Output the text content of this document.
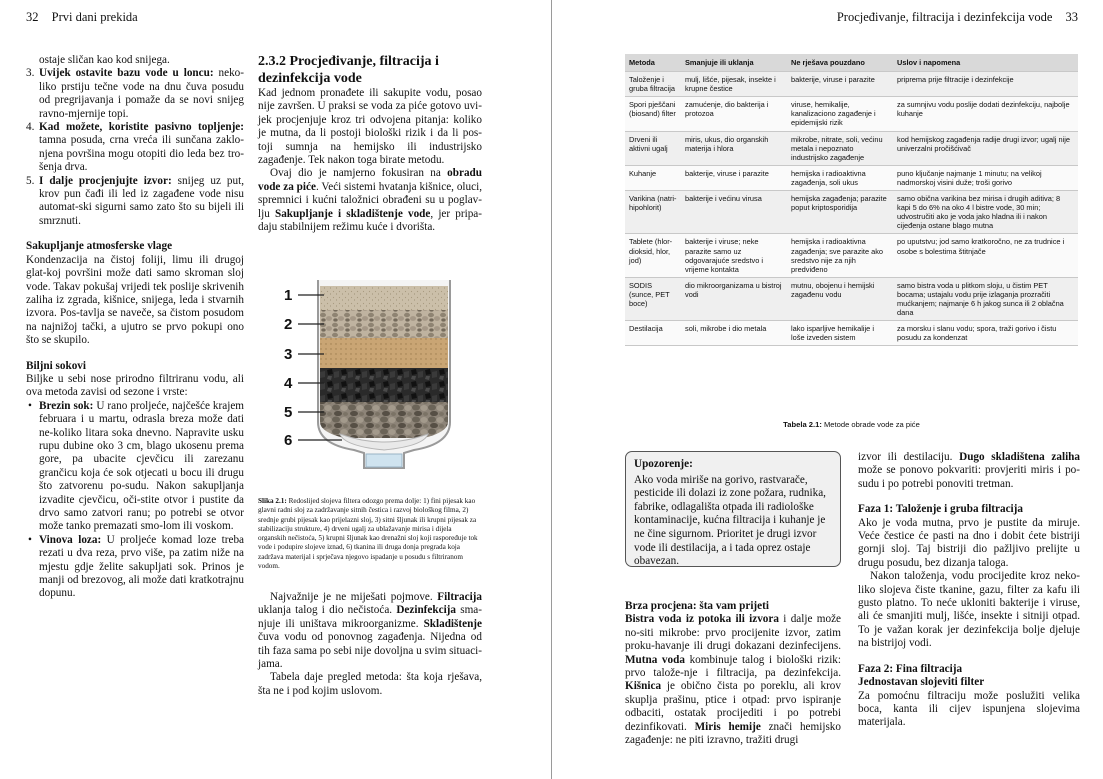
32 Prvi dani prekida

ostaje sličan kao kod snijega.

3. Uvijek ostavite bazu vode u loncu: neko-liko prstiju tečne vode na dnu čuva posudu od pregrijavanja i pomaže da se novi snijeg ravno-mjernije topi.
4. Kad možete, koristite pasivno topljenje: tamna posuda, crna vreća ili sunčana zaklo-njena površina mogu otopiti dio leda bez tro-šenja drva.
5. I dalje procjenjujte izvor: snijeg uz put, krov pun čađi ili led iz zagađene vode nisu automat-ski sigurni samo zato što su bijeli ili smrznuti.

Sakupljanje atmosferske vlage

Kondenzacija na čistoj foliji, limu ili drugoj glat-koj površini može dati samo skroman sloj vode. Takav pokušaj vrijedi tek poslije skrivenih zaliha iz zgrada, kišnice, snijega, leda i stvarnih izvora. Pos-tavlja se naveče, sa čistom posudom na najnižoj tački, a ujutro se prvo pokupi ono što se skupilo.

Biljni sokovi

Biljke u sebi nose prirodno filtriranu vodu, ali ova metoda zavisi od sezone i vrste:

• Brezin sok: U rano proljeće, najčešće krajem februara i u martu, odrasla breza može dati ne-koliko litara soka dnevno. Napravite usku rupu dubine oko 3 cm, blago ukosenu prema gore, pa ubacite cjevčicu ili zarezanu grančicu koja će sok otjecati u bocu ili drugu što zatvorenu po-sudu. Nakon sakupljanja izvadite cjevčicu, oči-stite otvor i pustite da drvo samo zatvori ranu; po potrebi se otvor može tanko premazati smo-lom ili voskom.
• Vinova loza: U proljeće komad loze treba rezati u dva reza, prvo više, pa zatim niže na mjestu gdje želite sakupljati sok. Prinos je manji od brezovog, ali može dati kratkotrajnu dopunu.

2.3.2 Procjeđivanje, filtracija i dezinfekcija vode

Kad jednom pronađete ili sakupite vodu, posao nije završen. U praksi se voda za piće gotovo uvi-jek procjenjuje kroz tri odvojena pitanja: koliko je mutna, da li postoji biološki rizik i da li pos-toji sumnja na hemijsko ili industrijsko zagađenje. Tek nakon toga birate metodu.

Ovaj dio je namjerno fokusiran na obradu vode za piće. Veći sistemi hvatanja kišnice, oluci, spremnici i kućni taložnici obrađeni su u poglav-lju Sakupljanje i skladištenje vode, jer pripa-daju stabilnijem režimu kuće i dvorišta.

1
2
3
4
5
6
Slika 2.1: Redoslijed slojeva filtera odozgo prema dolje: 1) fini pijesak kao glavni radni sloj za zadržavanje sitnih čestica i razvoj biološkog filma, 2) srednje grubi pijesak kao prijelazni sloj, 3) sitni šljunak ili krupni pijesak za stabilizaciju strukture, 4) drveni ugalj za ublažavanje mirisa i dijela organskih nečistoća, 5) krupni šljunak kao drenažni sloj koji raspoređuje tok vode i podupire slojeve iznad, 6) tkanina ili druga donja pregrada koja zadržava materijal i sprječava njegovo ispadanje u posudu s filtriranom vodom.

Najvažnije je ne miješati pojmove. Filtracija uklanja talog i dio nečistoća. Dezinfekcija sma-njuje ili uništava mikroorganizme. Skladištenje čuva vodu od ponovnog zagađenja. Nijedna od tih faza sama po sebi nije dovoljna u svim situaci-jama.

Tabela daje pregled metoda: šta koja rješava, šta ne i pod kojim uslovom.

Procjeđivanje, filtracija i dezinfekcija vode 33
Metoda	Smanjuje ili uklanja	Ne rješava pouzdano	Uslov i napomena
Taloženje i gruba filtracija	mulj, lišće, pijesak, insekte i krupne čestice	bakterije, viruse i parazite	priprema prije filtracije i dezinfekcije
Spori pješčani (biosand) filter	zamućenje, dio bakterija i protozoa	viruse, hemikalije, kanalizaciono zagađenje i epidemijski rizik	za sumnjivu vodu poslije dodati dezinfekciju, najbolje kuhanje
Drveni ili aktivni ugalj	miris, ukus, dio organskih materija i hlora	mikrobe, nitrate, soli, većinu metala i nepoznato industrijsko zagađenje	kod hemijskog zagađenja radije drugi izvor; ugalj nije univerzalni pročišćivač
Kuhanje	bakterije, viruse i parazite	hemijska i radioaktivna zagađenja, soli ukus	puno ključanje najmanje 1 minutu; na velikoj nadmorskoj visini duže; troši gorivo
Varikina (natri-hipohlorit)	bakterije i većinu virusa	hemijska zagađenja; parazite poput kriptosporidija	samo obična varikina bez mirisa i drugih aditiva; 8 kapi 5 do 6% na oko 4 l bistre vode, 30 min; udvostručiti ako je voda jako hladna ili i nakon cijeđenja ostane blago mutna
Tablete (hlor-dioksid, hlor, jod)	bakterije i viruse; neke parazite samo uz odgovarajuće sredstvo i vrijeme kontakta	hemijska i radioaktivna zagađenja; sve parazite ako sredstvo nije za njih predviđeno	po uputstvu; jod samo kratkoročno, ne za trudnice i osobe s bolestima štitnjače
SODIS (sunce, PET boce)	dio mikroorganizama u bistroj vodi	mutnu, obojenu i hemijski zagađenu vodu	samo bistra voda u plitkom sloju, u čistim PET bocama; ustajalu vodu prije izlaganja prozračiti mućkanjem; najmanje 6 h jakog sunca ili 2 oblačna dana
Destilacija	soli, mikrobe i dio metala	lako isparljive hemikalije i loše izveden sistem	za morsku i slanu vodu; spora, traži gorivo i čistu posudu za kondenzat
Tabela 2.1: Metode obrade vode za piće
Upozorenje:
Ako voda miriše na gorivo, rastvarače, pesticide ili dolazi iz zone požara, rudnika, fabrike, odlagališta otpada ili radiološke kontaminacije, kućna filtracija i kuhanje je ne čine sigurnom. Prioritet je drugi izvor vode ili destilacija, a i tada oprez ostaje obavezan.

Brza procjena: šta vam prijeti

Bistra voda iz potoka ili izvora i dalje može no-siti mikrobe: prvo procijenite izvor, zatim proku-havanje ili drugi dokazani dezinfeciјens. Mutna voda kombinuje talog i biološki rizik: prvo talože-nje i filtracija, pa dezinfekcija. Kišnica je obično čista po poreklu, ali krov skuplja prašinu, ptice i otpad: prvo ispiranje odbaciti, ostatak procijediti i po potrebi dezinfikovati. Miris hemije znači hemijsko zagađenje: ne piti izravno, tražiti drugi

izvor ili destilaciju. Dugo skladištena zaliha može se ponovo pokvariti: provjeriti miris i po-sudu i po potrebi ponoviti tretman.

Faza 1: Taloženje i gruba filtracija

Ako je voda mutna, prvo je pustite da miruje. Veće čestice će pasti na dno i dobit ćete bistriji gornji sloj. Taj bistriji dio pažljivo prelijte u drugu posudu, bez dizanja taloga.

Nakon taloženja, vodu procijedite kroz neko-liko slojeva čiste tkanine, gazu, filter za kafu ili gusto platno. To neće ukloniti bakterije i viruse, ali će smanjiti mulj, lišće, insekte i sitniji otpad. To je važan korak jer dezinfekcija bolje djeluje na bistrijoj vodi.

Faza 2: Fina filtracija

Jednostavan slojeviti filter

Za pomoćnu filtraciju može poslužiti velika boca, kanta ili cijev ispunjena slojevima materijala.
